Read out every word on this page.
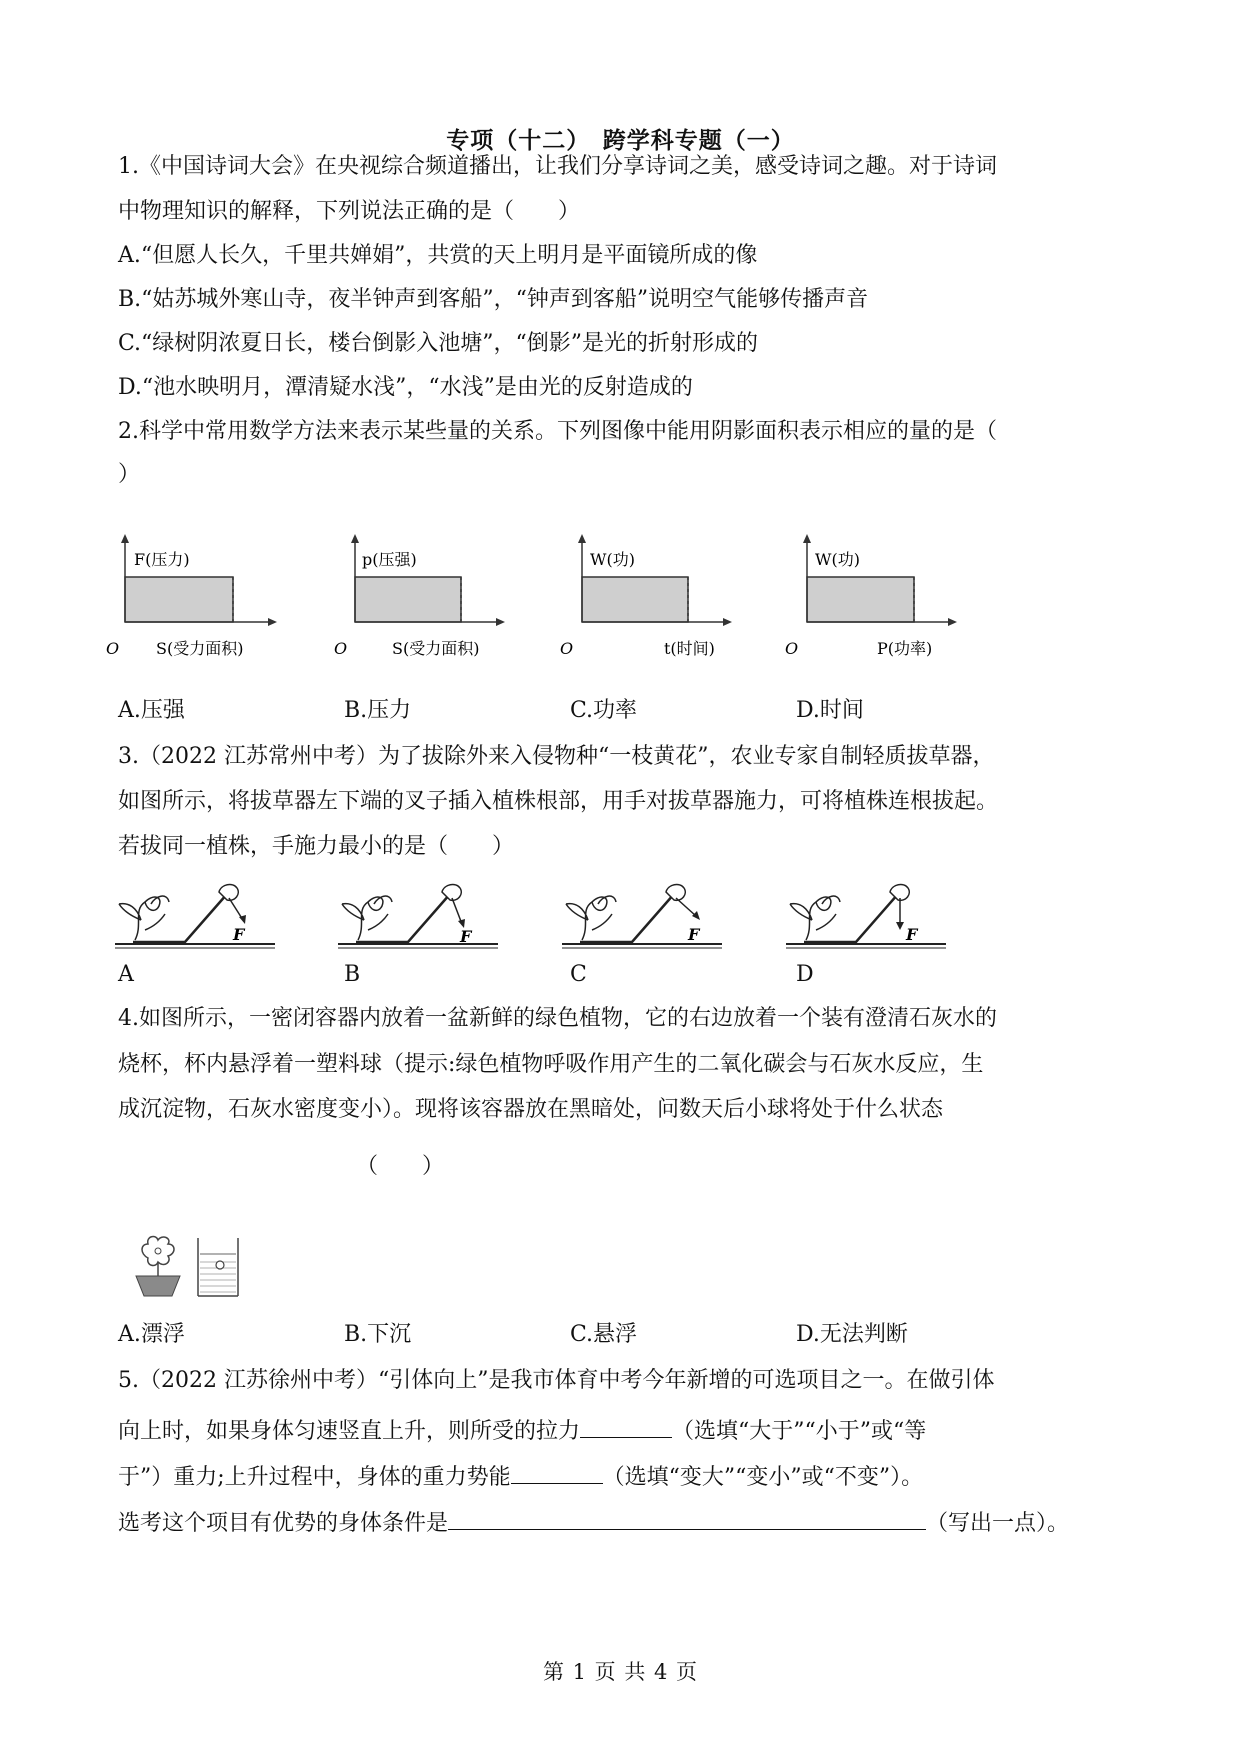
专项（十二）　跨学科专题（一）
1.《中国诗词大会》在央视综合频道播出，让我们分享诗词之美，感受诗词之趣。对于诗词
中物理知识的解释，下列说法正确的是（　　）
A.“但愿人长久，千里共婵娟”，共赏的天上明月是平面镜所成的像
B.“姑苏城外寒山寺，夜半钟声到客船”，“钟声到客船”说明空气能够传播声音
C.“绿树阴浓夏日长，楼台倒影入池塘”，“倒影”是光的折射形成的
D.“池水映明月，潭清疑水浅”，“水浅”是由光的反射造成的
2.科学中常用数学方法来表示某些量的关系。下列图像中能用阴影面积表示相应的量的是（
）
F(压力)
O S(受力面积)
p(压强)
O	S(受力面积)
W(功)
O	t(时间)
W(功)
O	P(功率)
A.压强	B.压力	C.功率	D.时间
3.（2022 江苏常州中考）为了拔除外来入侵物种“一枝黄花”，农业专家自制轻质拔草器，
如图所示，将拔草器左下端的叉子插入植株根部，用手对拔草器施力，可将植株连根拔起。
若拔同一植株，手施力最小的是（　　）
F	F	F	F
A	B	C	D
4.如图所示，一密闭容器内放着一盆新鲜的绿色植物，它的右边放着一个装有澄清石灰水的
烧杯，杯内悬浮着一塑料球（提示:绿色植物呼吸作用产生的二氧化碳会与石灰水反应，生
成沉淀物，石灰水密度变小）。现将该容器放在黑暗处，问数天后小球将处于什么状态
（　　）
A.漂浮	B.下沉	C.悬浮	D.无法判断
5.（2022 江苏徐州中考）“引体向上”是我市体育中考今年新增的可选项目之一。在做引体
向上时，如果身体匀速竖直上升，则所受的拉力	（选填“大于”“小于”或“等
于”）重力;上升过程中，身体的重力势能	（选填“变大”“变小”或“不变”）。
选考这个项目有优势的身体条件是	（写出一点）。
第 1 页 共 4 页
